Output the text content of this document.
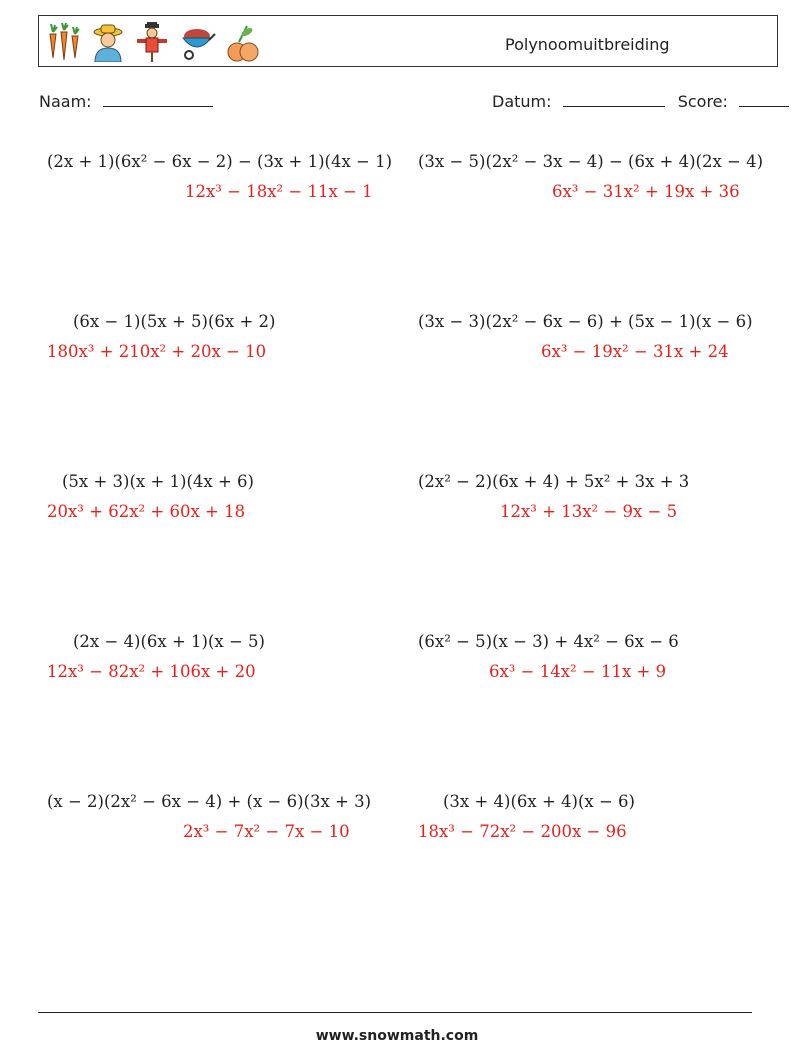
Polynoomuitbreiding
Naam:	Datum:	Score:
(2x + 1)(6x² − 6x − 2) − (3x + 1)(4x − 1)
12x³ − 18x² − 11x − 1
(3x − 5)(2x² − 3x − 4) − (6x + 4)(2x − 4)
6x³ − 31x² + 19x + 36
(6x − 1)(5x + 5)(6x + 2)
180x³ + 210x² + 20x − 10
(3x − 3)(2x² − 6x − 6) + (5x − 1)(x − 6)
6x³ − 19x² − 31x + 24
(5x + 3)(x + 1)(4x + 6)
20x³ + 62x² + 60x + 18
(2x² − 2)(6x + 4) + 5x² + 3x + 3
12x³ + 13x² − 9x − 5
(2x − 4)(6x + 1)(x − 5)
12x³ − 82x² + 106x + 20
(6x² − 5)(x − 3) + 4x² − 6x − 6
6x³ − 14x² − 11x + 9
(x − 2)(2x² − 6x − 4) + (x − 6)(3x + 3)
2x³ − 7x² − 7x − 10
(3x + 4)(6x + 4)(x − 6)
18x³ − 72x² − 200x − 96
www.snowmath.com
